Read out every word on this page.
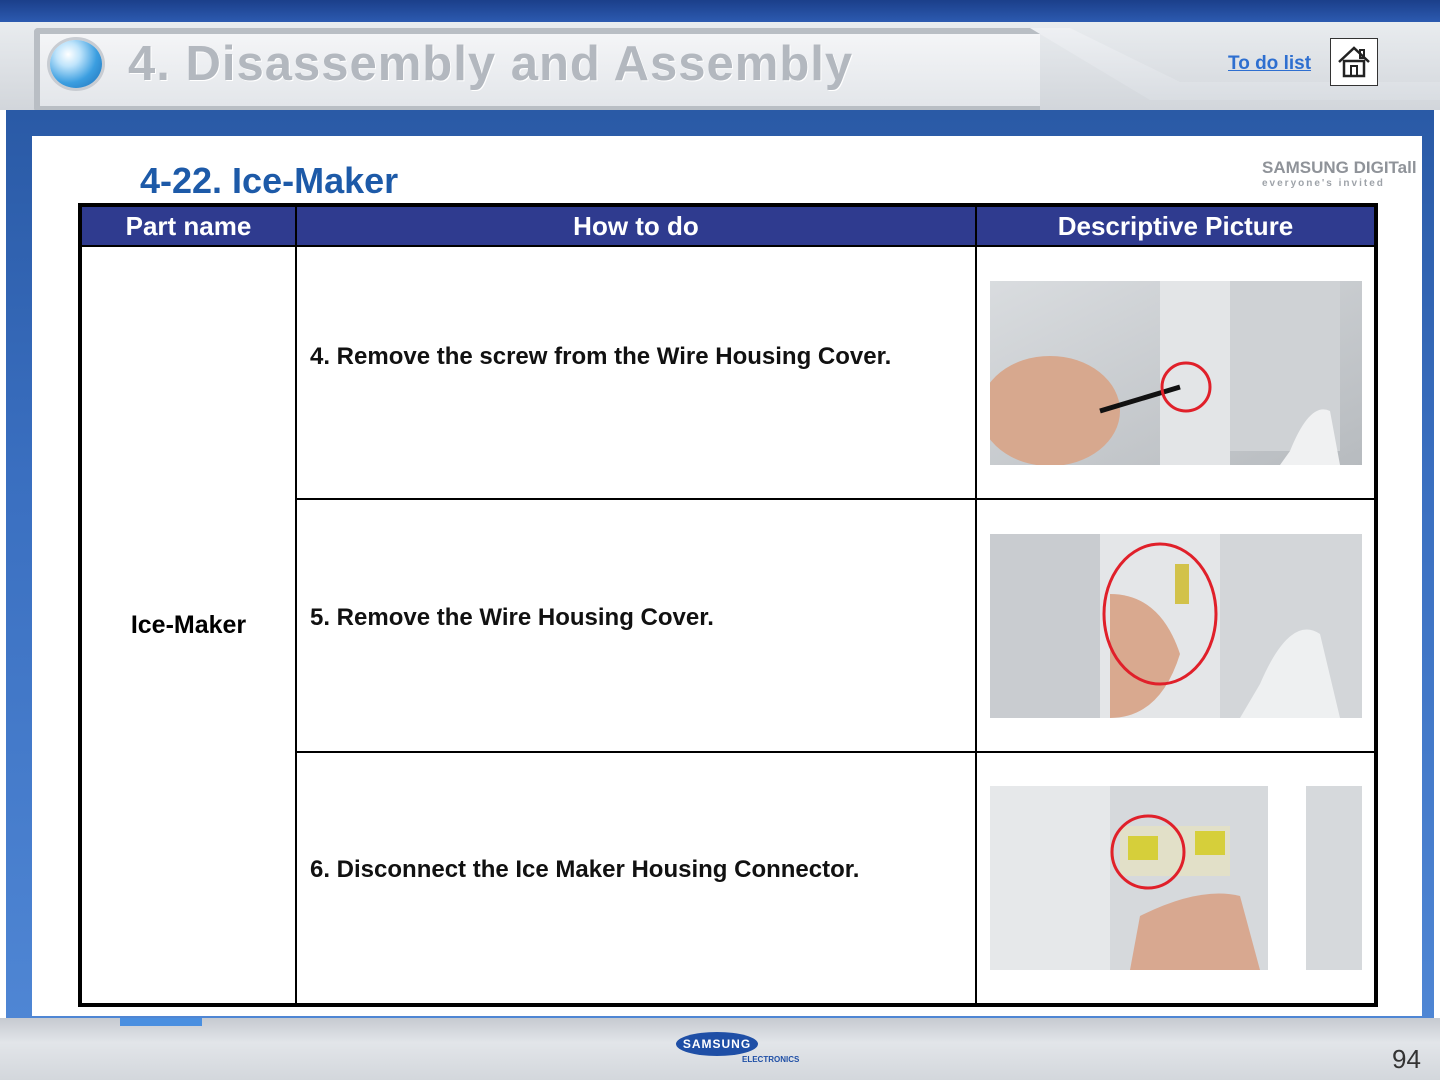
4. Disassembly and Assembly	To do list
4-22. Ice-Maker	SAMSUNG DIGITall
everyone's invited
Part name	How to do	Descriptive Picture
Ice-Maker	4. Remove the screw from the Wire Housing Cover.	
	5. Remove the Wire Housing Cover.	
	6. Disconnect the Ice Maker Housing Connector.	
SAMSUNG
ELECTRONICS	94
